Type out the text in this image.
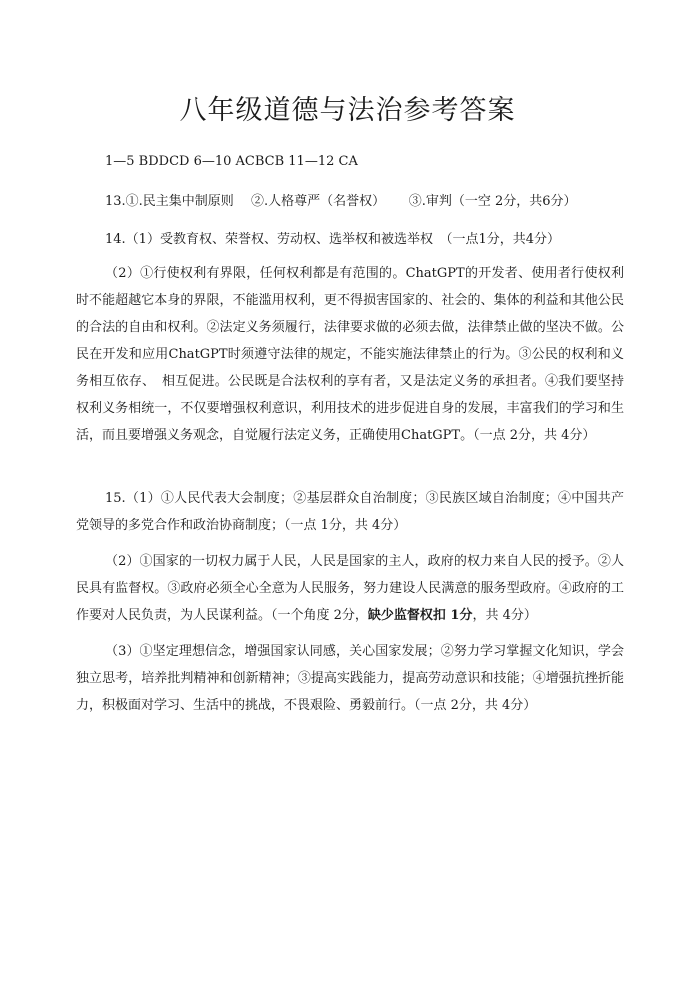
八年级道德与法治参考答案

1—5 BDDCD 6—10 ACBCB 11—12 CA

13.①.民主集中制原则　 ②.人格尊严（名誉权）　　 ③.审判（一空 2分，共6分）

14.（1）受教育权、荣誉权、劳动权、选举权和被选举权　（一点1分，共4分）

（2）①行使权利有界限，任何权利都是有范围的。ChatGPT的开发者、使用者行使权利时不能超越它本身的界限，不能滥用权利，更不得损害国家的、社会的、集体的利益和其他公民的合法的自由和权利。②法定义务须履行，法律要求做的必须去做，法律禁止做的坚决不做。公民在开发和应用ChatGPT时须遵守法律的规定，不能实施法律禁止的行为。③公民的权利和义务相互依存、　相互促进。公民既是合法权利的享有者，又是法定义务的承担者。④我们要坚持权利义务相统一，不仅要增强权利意识，利用技术的进步促进自身的发展，丰富我们的学习和生活，而且要增强义务观念，自觉履行法定义务，正确使用ChatGPT。（一点 2分，共 4分）

15.（1）①人民代表大会制度；②基层群众自治制度；③民族区域自治制度；④中国共产党领导的多党合作和政治协商制度；（一点 1分，共 4分）

（2）①国家的一切权力属于人民，人民是国家的主人，政府的权力来自人民的授予。②人民具有监督权。③政府必须全心全意为人民服务，努力建设人民满意的服务型政府。④政府的工作要对人民负责，为人民谋利益。（一个角度 2分，缺少监督权扣 1分，共 4分）

（3）①坚定理想信念，增强国家认同感，关心国家发展；②努力学习掌握文化知识，学会独立思考，培养批判精神和创新精神；③提高实践能力，提高劳动意识和技能；④增强抗挫折能力，积极面对学习、生活中的挑战，不畏艰险、勇毅前行。（一点 2分，共 4分）
